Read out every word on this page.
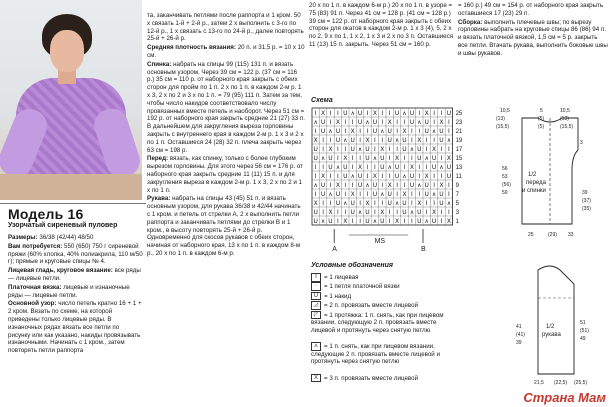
Модель 16
Узорчатый сиреневый пуловер

Размеры: 36/38 (42/44) 48/50

Вам потребуется: 550 (650) 750 г сиреневой пряжи (60% хлопка, 40% полиакрила, 110 м/50 г); прямые и круговые спицы № 4.

Лицевая гладь, круговое вязание: все ряды — лицевые петли.

Платочная вязка: лицевые и изнаночные ряды — лицевые петли.

Основной узор: число петель кратно 16 + 1 + 2 кром. Вязать по схеме, на которой приведены только лицевые ряды. В изнаночных рядах вязать все петли по рисунку или как указано, накиды провязывать изнаночными. Начинать с 1 кром., затем повторять петли раппорта

та, заканчивать петлями после раппорта и 1 кром. 50 х связать 1-й + 2-й р., затем 2 х выполнить с 3-го по 12-й р., 1 х связать с 13-го по 24-й р., далее повторять 25-й + 26-й р.

Средняя плотность вязания: 20 п. и 31,5 р. = 10 х 10 см.

Спинка: набрать на спицы 99 (115) 131 п. и вязать основным узором. Через 39 см = 122 р. (37 см = 116 р.) 35 см = 110 р. от наборного края закрыть с обеих сторон для пройм по 1 п. 2 х по 1 п. в каждом 2-м р. 1 х 3, 2 х по 2 и 3 х по 1 п. = 79 (95) 111 п. Затем за тем, чтобы число накидов соответствовало числу провязанных вместе петель и наоборот. Через 51 см = 192 р. от наборного края закрыть средние 21 (27) 33 п. В дальнейшем для закругления выреза горловины закрыть с внутреннего края в каждом 2-м р. 1 х 3 и 2 х по 1 п. Оставшиеся 24 (28) 32 п. плеча закрыть через 63 см = 198 р.

Перед: вязать, как спинку, только с более глубоким вырезом горловины. Для этого через 56 см = 176 р. от наборного края закрыть средние 11 (11) 15 п. и для закругления выреза в каждом 2-м р. 1 х 3, 2 х по 2 и 1 х по 1 п.

Рукава: набрать на спицы 43 (45) 51 п. и вязать основным узором, для рукава 36/38 и 42/44 начинать с 1 кром. и петель от стрелки А, 2 х выполнить петли раппорта и заканчивать петлями до стрелки В и 1 кром., в высоту повторять 25-й + 26-й р. Одновременно для скосов рукавов с обеих сторон, начиная от наборного края, 13 х по 1 п. в каждом 8-м р., 20 х по 1 п. в каждом 6-м р.

20 х по 1 п. в каждом 6-м р.) 20 х по 1 п. в узоре = 75 (83) 91 п. Через 41 см = 128 р. (41 см = 128 р.) 39 см = 122 р. от наборного края закрыть с обеих сторон для окатов в каждом 2-м р. 1 х 3 (4), 5, 2 х по 2, 9 х по 1, 1 х 2, 1 х 3 и 2 х по 3 п. Оставшиеся 11 (13) 15 п. закрыть. Через 51 см = 160 р.

Схема
I X I I U ∧ U I X I I U ∧ U I X I I U
∧ U I X I I U ∧ U I X I I U ∧ U I X I
I U ∧ U I X I I U ∧ U I X I I U ∧ U I
X I I U ∧ U I X I I U ∧ U I X I I U ∧
U I X I I U ∧ U I X I I U ∧ U I X I I
U ∧ U I X I I U ∧ U I X I I U ∧ U I X
I I U ∧ U I X I I U ∧ U I X I I U ∧ U
I X I I U ∧ U I X I I U ∧ U I X I I U
∧ U I X I I U ∧ U I X I I U ∧ U I X I
I U ∧ U I X I I U ∧ U I X I I U ∧ U I
X I I U ∧ U I X I I U ∧ U I X I I U ∧
U I X I I U ∧ U I X I I U ∧ U I X I I
U ∧ U I X I I U ∧ U I X I I U ∧ U I X
25
23
21
19
17
15
13
11
9
7
5
3
1
A	B
MS
Условные обозначения
I = 1 лицевая
· = 1 петля платочной вязки
U = 1 накид
◿ = 2 п. провязать вместе лицевой
◸ = 1 протяжка: 1 п. снять, как при лицевом вязании, следующую 2 п. провязать вместе лицевой и протянуть через снятую петлю
⋏ = 1 п. снять, как при лицевом вязании, следующие 2 п. провязать вместе лицевой и протянуть через снятую петлю
X = 3 п. провязать вместе лицевой

= 160 р.) 49 см = 154 р. от наборного края закрыть оставшиеся 17 (23) 29 п.

Сборка: выполнить плечевые швы; по вырезу горловины набрать на круговые спицы 86 (86) 94 п. и вязать платочной вязкой, 1,5 см = 5 р. закрыть все петли. Втачать рукава, выполнить боковые швы и швы рукавов.

1/2
переда
и спинки
10,5	5	10,5
(13)	(5)	(13)
(15,5)	(5)	(15,5)
3
56
53
(56)
59	39
(37)
(35)
25	(29) 33
1/2
рукава
41
(41)
39
51
(51)
49
21,5 (22,5) (25,5)
Страна Мам
